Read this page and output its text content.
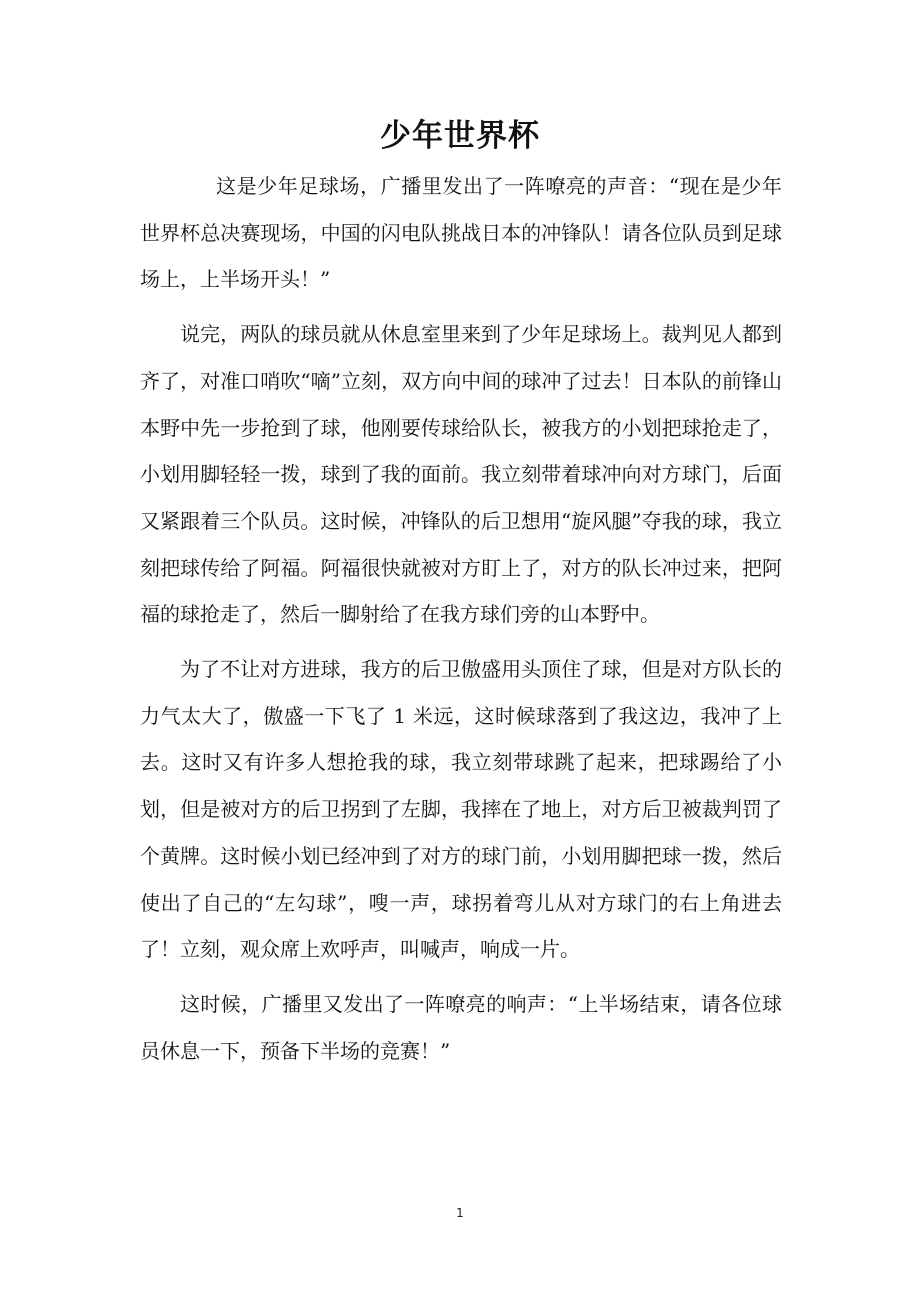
少年世界杯

这是少年足球场，广播里发出了一阵嘹亮的声音：“现在是少年世界杯总决赛现场，中国的闪电队挑战日本的冲锋队！请各位队员到足球场上，上半场开头！”

说完，两队的球员就从休息室里来到了少年足球场上。裁判见人都到齐了，对准口哨吹“嘀”立刻，双方向中间的球冲了过去！日本队的前锋山本野中先一步抢到了球，他刚要传球给队长，被我方的小划把球抢走了，小划用脚轻轻一拨，球到了我的面前。我立刻带着球冲向对方球门，后面又紧跟着三个队员。这时候，冲锋队的后卫想用“旋风腿”夺我的球，我立刻把球传给了阿福。阿福很快就被对方盯上了，对方的队长冲过来，把阿福的球抢走了，然后一脚射给了在我方球们旁的山本野中。

为了不让对方进球，我方的后卫傲盛用头顶住了球，但是对方队长的力气太大了，傲盛一下飞了 1 米远，这时候球落到了我这边，我冲了上去。这时又有许多人想抢我的球，我立刻带球跳了起来，把球踢给了小划，但是被对方的后卫拐到了左脚，我摔在了地上，对方后卫被裁判罚了个黄牌。这时候小划已经冲到了对方的球门前，小划用脚把球一拨，然后使出了自己的“左勾球”，嗖一声，球拐着弯儿从对方球门的右上角进去了！立刻，观众席上欢呼声，叫喊声，响成一片。

这时候，广播里又发出了一阵嘹亮的响声：“上半场结束，请各位球员休息一下，预备下半场的竞赛！”

1
